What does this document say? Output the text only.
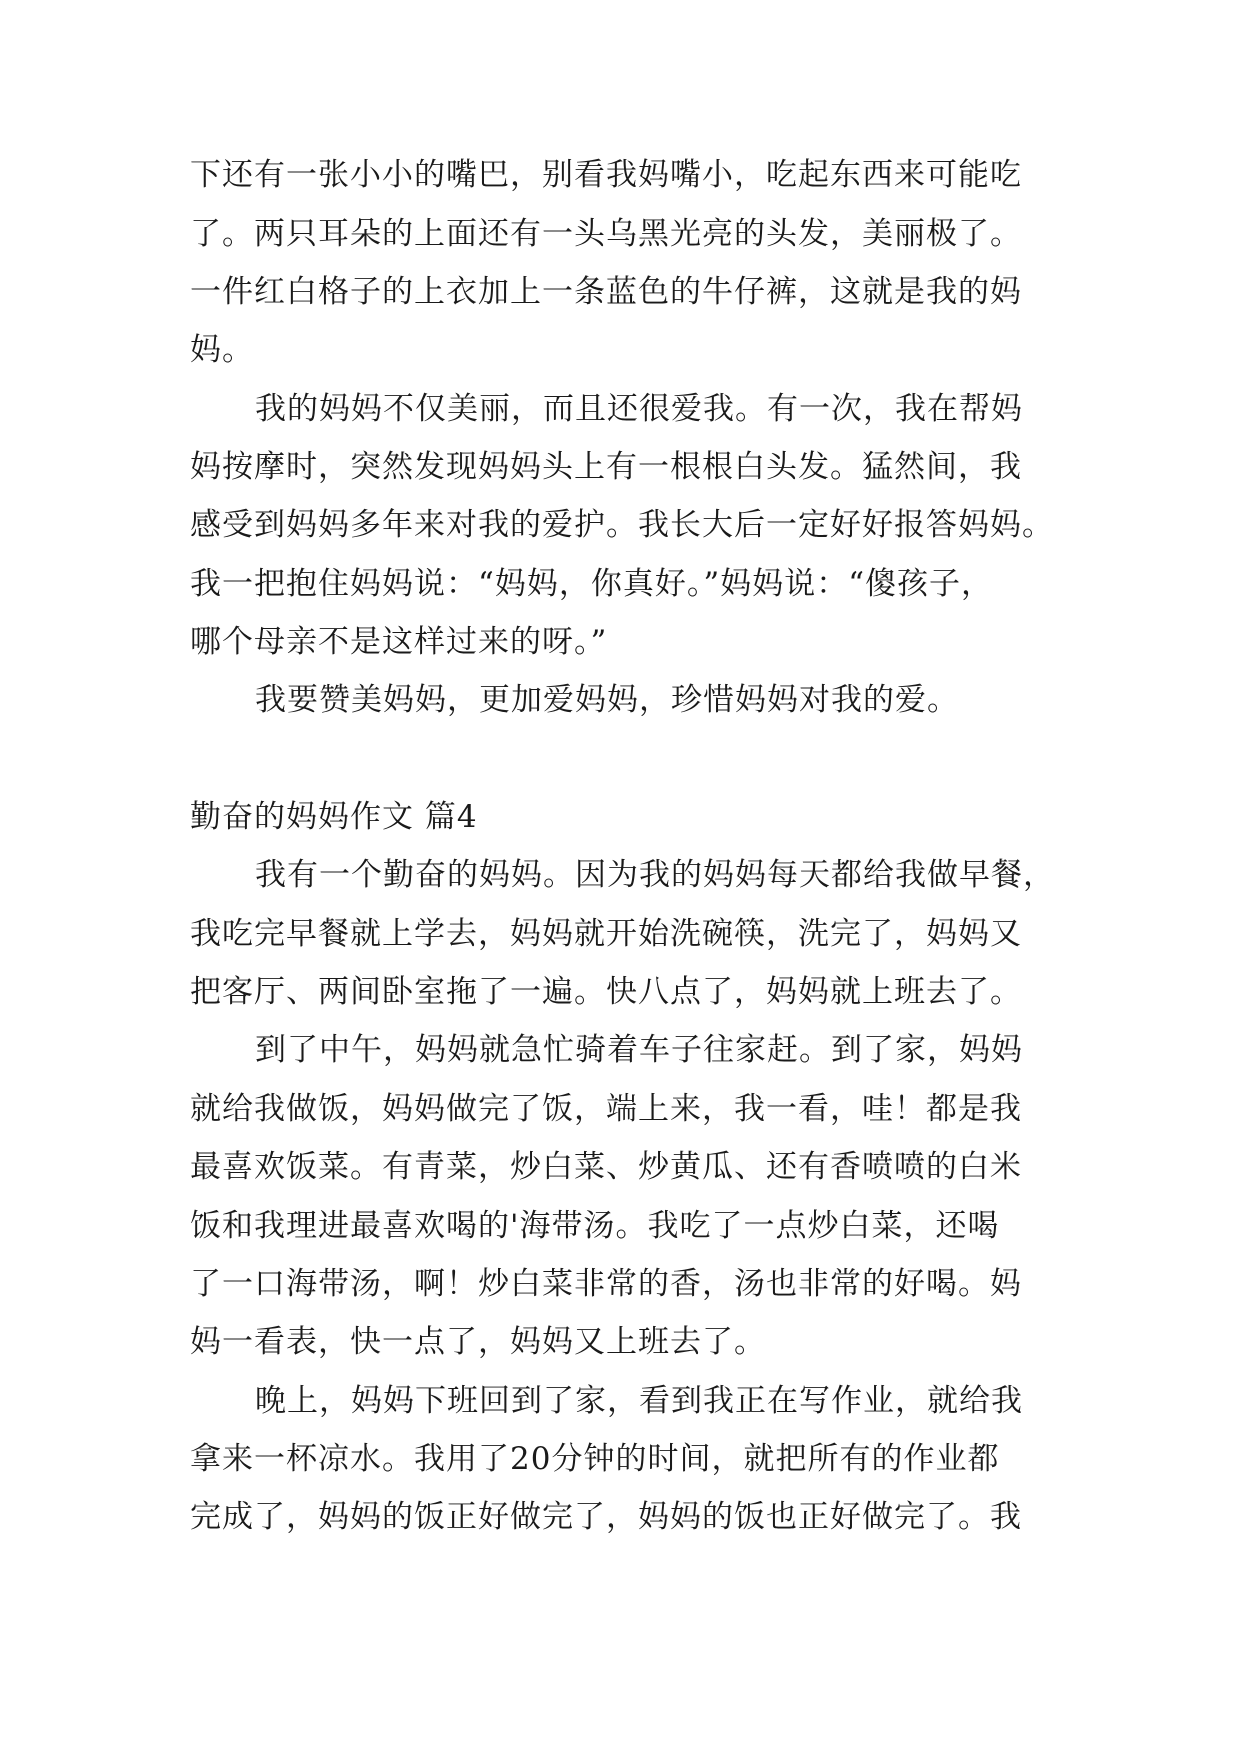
下还有一张小小的嘴巴，别看我妈嘴小，吃起东西来可能吃
了。两只耳朵的上面还有一头乌黑光亮的头发，美丽极了。
一件红白格子的上衣加上一条蓝色的牛仔裤，这就是我的妈
妈。
我的妈妈不仅美丽，而且还很爱我。有一次，我在帮妈
妈按摩时，突然发现妈妈头上有一根根白头发。猛然间，我
感受到妈妈多年来对我的爱护。我长大后一定好好报答妈妈。
我一把抱住妈妈说：“妈妈，你真好。”妈妈说：“傻孩子，
哪个母亲不是这样过来的呀。”
我要赞美妈妈，更加爱妈妈，珍惜妈妈对我的爱。
勤奋的妈妈作文 篇4
我有一个勤奋的妈妈。因为我的妈妈每天都给我做早餐，
我吃完早餐就上学去，妈妈就开始洗碗筷，洗完了，妈妈又
把客厅、两间卧室拖了一遍。快八点了，妈妈就上班去了。
到了中午，妈妈就急忙骑着车子往家赶。到了家，妈妈
就给我做饭，妈妈做完了饭，端上来，我一看，哇！都是我
最喜欢饭菜。有青菜，炒白菜、炒黄瓜、还有香喷喷的白米
饭和我理进最喜欢喝的'海带汤。我吃了一点炒白菜，还喝
了一口海带汤，啊！炒白菜非常的香，汤也非常的好喝。妈
妈一看表，快一点了，妈妈又上班去了。
晚上，妈妈下班回到了家，看到我正在写作业，就给我
拿来一杯凉水。我用了20分钟的时间，就把所有的作业都
完成了，妈妈的饭正好做完了，妈妈的饭也正好做完了。我
